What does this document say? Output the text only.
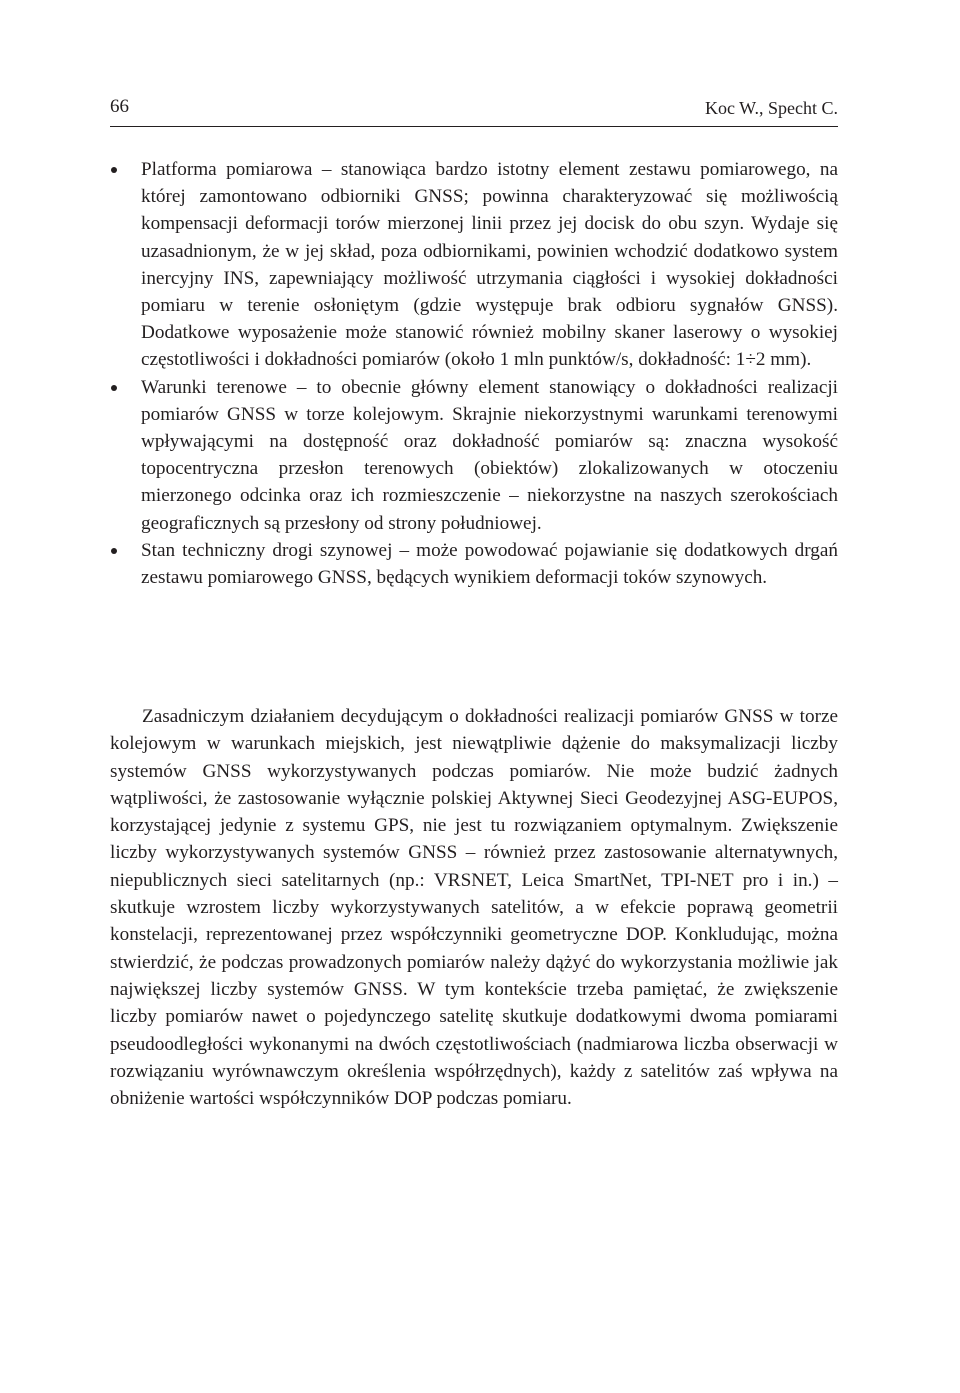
66	Koc W., Specht C.
Platforma pomiarowa – stanowiąca bardzo istotny element zestawu pomiarowego, na której zamontowano odbiorniki GNSS; powinna charakteryzować się możliwością kompensacji deformacji torów mierzonej linii przez jej docisk do obu szyn. Wydaje się uzasadnionym, że w jej skład, poza odbiornikami, powinien wchodzić dodatkowo system inercyjny INS, zapewniający możliwość utrzymania ciągłości i wysokiej dokładności pomiaru w terenie osłoniętym (gdzie występuje brak odbioru sygnałów GNSS). Dodatkowe wyposażenie może stanowić również mobilny skaner laserowy o wysokiej częstotliwości i dokładności pomiarów (około 1 mln punktów/s, dokładność: 1÷2 mm).
Warunki terenowe – to obecnie główny element stanowiący o dokładności realizacji pomiarów GNSS w torze kolejowym. Skrajnie niekorzystnymi warunkami terenowymi wpływającymi na dostępność oraz dokładność pomiarów są: znaczna wysokość topocentryczna przesłon terenowych (obiektów) zlokalizowanych w otoczeniu mierzonego odcinka oraz ich rozmieszczenie – niekorzystne na naszych szerokościach geograficznych są przesłony od strony południowej.
Stan techniczny drogi szynowej – może powodować pojawianie się dodatkowych drgań zestawu pomiarowego GNSS, będących wynikiem deformacji toków szynowych.

Zasadniczym działaniem decydującym o dokładności realizacji pomiarów GNSS w torze kolejowym w warunkach miejskich, jest niewątpliwie dążenie do maksymalizacji liczby systemów GNSS wykorzystywanych podczas pomiarów. Nie może budzić żadnych wątpliwości, że zastosowanie wyłącznie polskiej Aktywnej Sieci Geodezyjnej ASG-EUPOS, korzystającej jedynie z systemu GPS, nie jest tu rozwiązaniem optymalnym. Zwiększenie liczby wykorzystywanych systemów GNSS – również przez zastosowanie alternatywnych, niepublicznych sieci satelitarnych (np.: VRSNET, Leica SmartNet, TPI-NET pro i in.) – skutkuje wzrostem liczby wykorzystywanych satelitów, a w efekcie poprawą geometrii konstelacji, reprezentowanej przez współczynniki geometryczne DOP. Konkludując, można stwierdzić, że podczas prowadzonych pomiarów należy dążyć do wykorzystania możliwie jak największej liczby systemów GNSS. W tym kontekście trzeba pamiętać, że zwiększenie liczby pomiarów nawet o pojedynczego satelitę skutkuje dodatkowymi dwoma pomiarami pseudoodległości wykonanymi na dwóch częstotliwościach (nadmiarowa liczba obserwacji w rozwiązaniu wyrównawczym określenia współrzędnych), każdy z satelitów zaś wpływa na obniżenie wartości współczynników DOP podczas pomiaru.
